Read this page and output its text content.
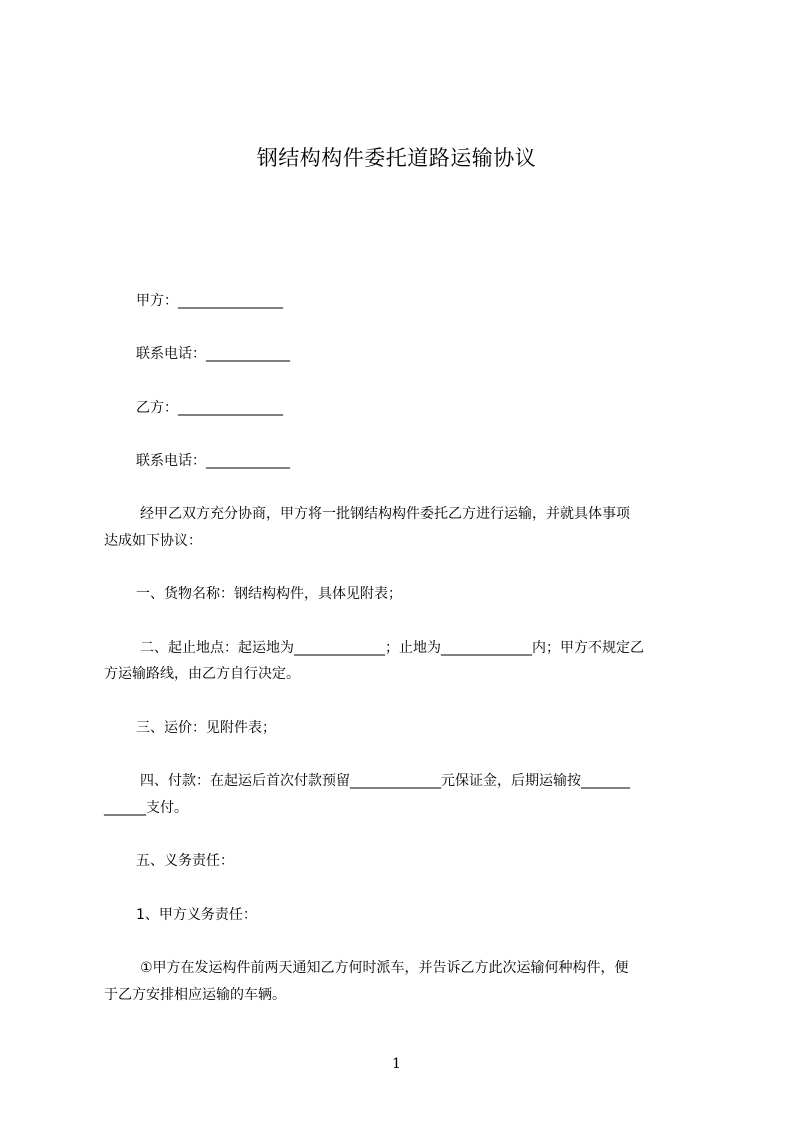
钢结构构件委托道路运输协议
甲方：_______________
联系电话：____________
乙方：_______________
联系电话：____________
经甲乙双方充分协商，甲方将一批钢结构构件委托乙方进行运输，并就具体事项
达成如下协议：
一、货物名称：钢结构构件，具体见附表；
二、起止地点：起运地为_____________；止地为_____________内；甲方不规定乙
方运输路线，由乙方自行决定。
三、运价：见附件表；
四、付款：在起运后首次付款预留_____________元保证金，后期运输按_______
______支付。
五、义务责任：
1、甲方义务责任：
①甲方在发运构件前两天通知乙方何时派车，并告诉乙方此次运输何种构件，便
于乙方安排相应运输的车辆。
1
